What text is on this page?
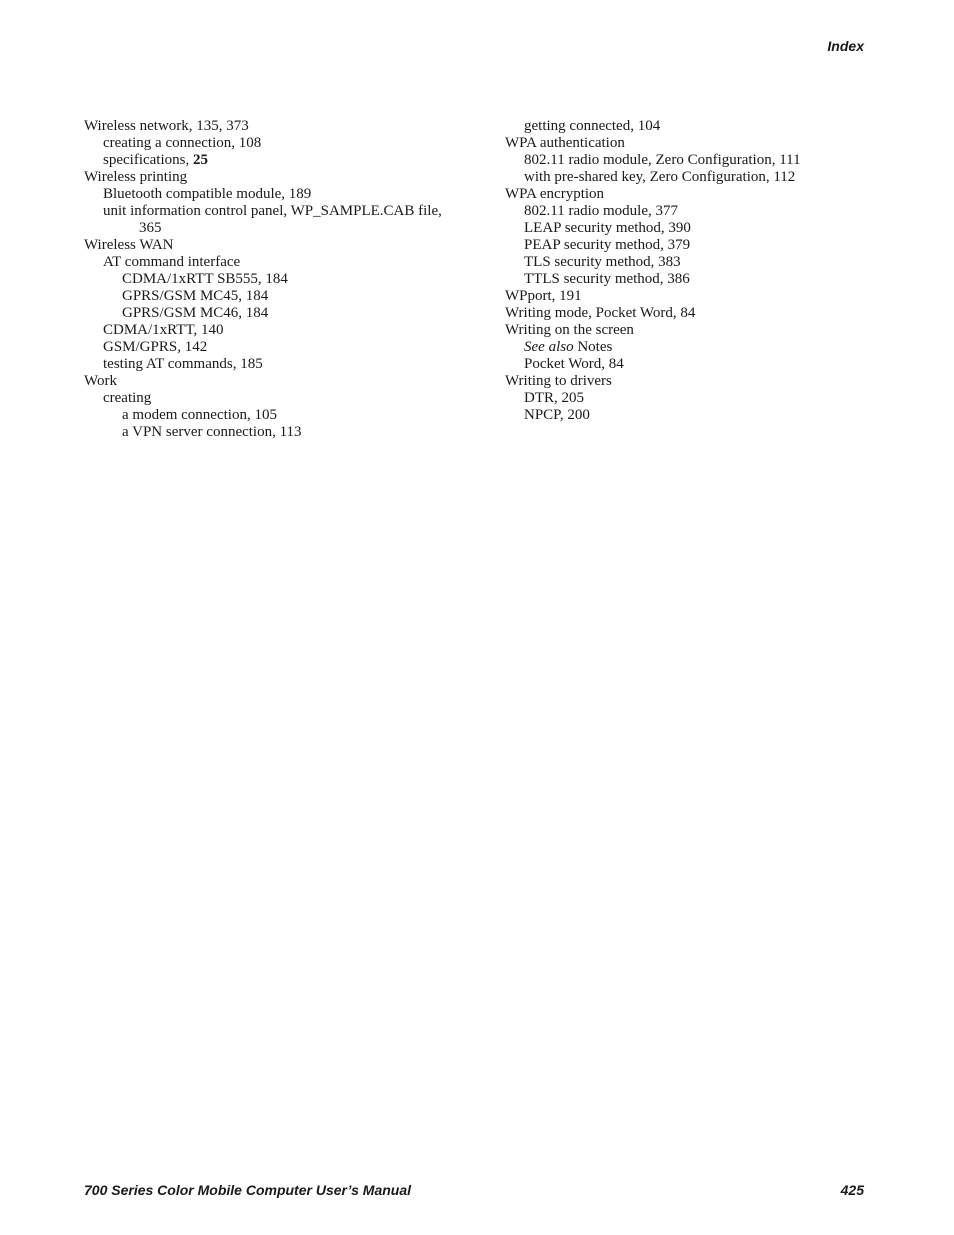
Index
Wireless network, 135, 373
creating a connection, 108
specifications, 25
Wireless printing
Bluetooth compatible module, 189
unit information control panel, WP_SAMPLE.CAB file,
365
Wireless WAN
AT command interface
CDMA/1xRTT SB555, 184
GPRS/GSM MC45, 184
GPRS/GSM MC46, 184
CDMA/1xRTT, 140
GSM/GPRS, 142
testing AT commands, 185
Work
creating
a modem connection, 105
a VPN server connection, 113
getting connected, 104
WPA authentication
802.11 radio module, Zero Configuration, 111
with pre-shared key, Zero Configuration, 112
WPA encryption
802.11 radio module, 377
LEAP security method, 390
PEAP security method, 379
TLS security method, 383
TTLS security method, 386
WPport, 191
Writing mode, Pocket Word, 84
Writing on the screen
See also Notes
Pocket Word, 84
Writing to drivers
DTR, 205
NPCP, 200
700 Series Color Mobile Computer User’s Manual	425
